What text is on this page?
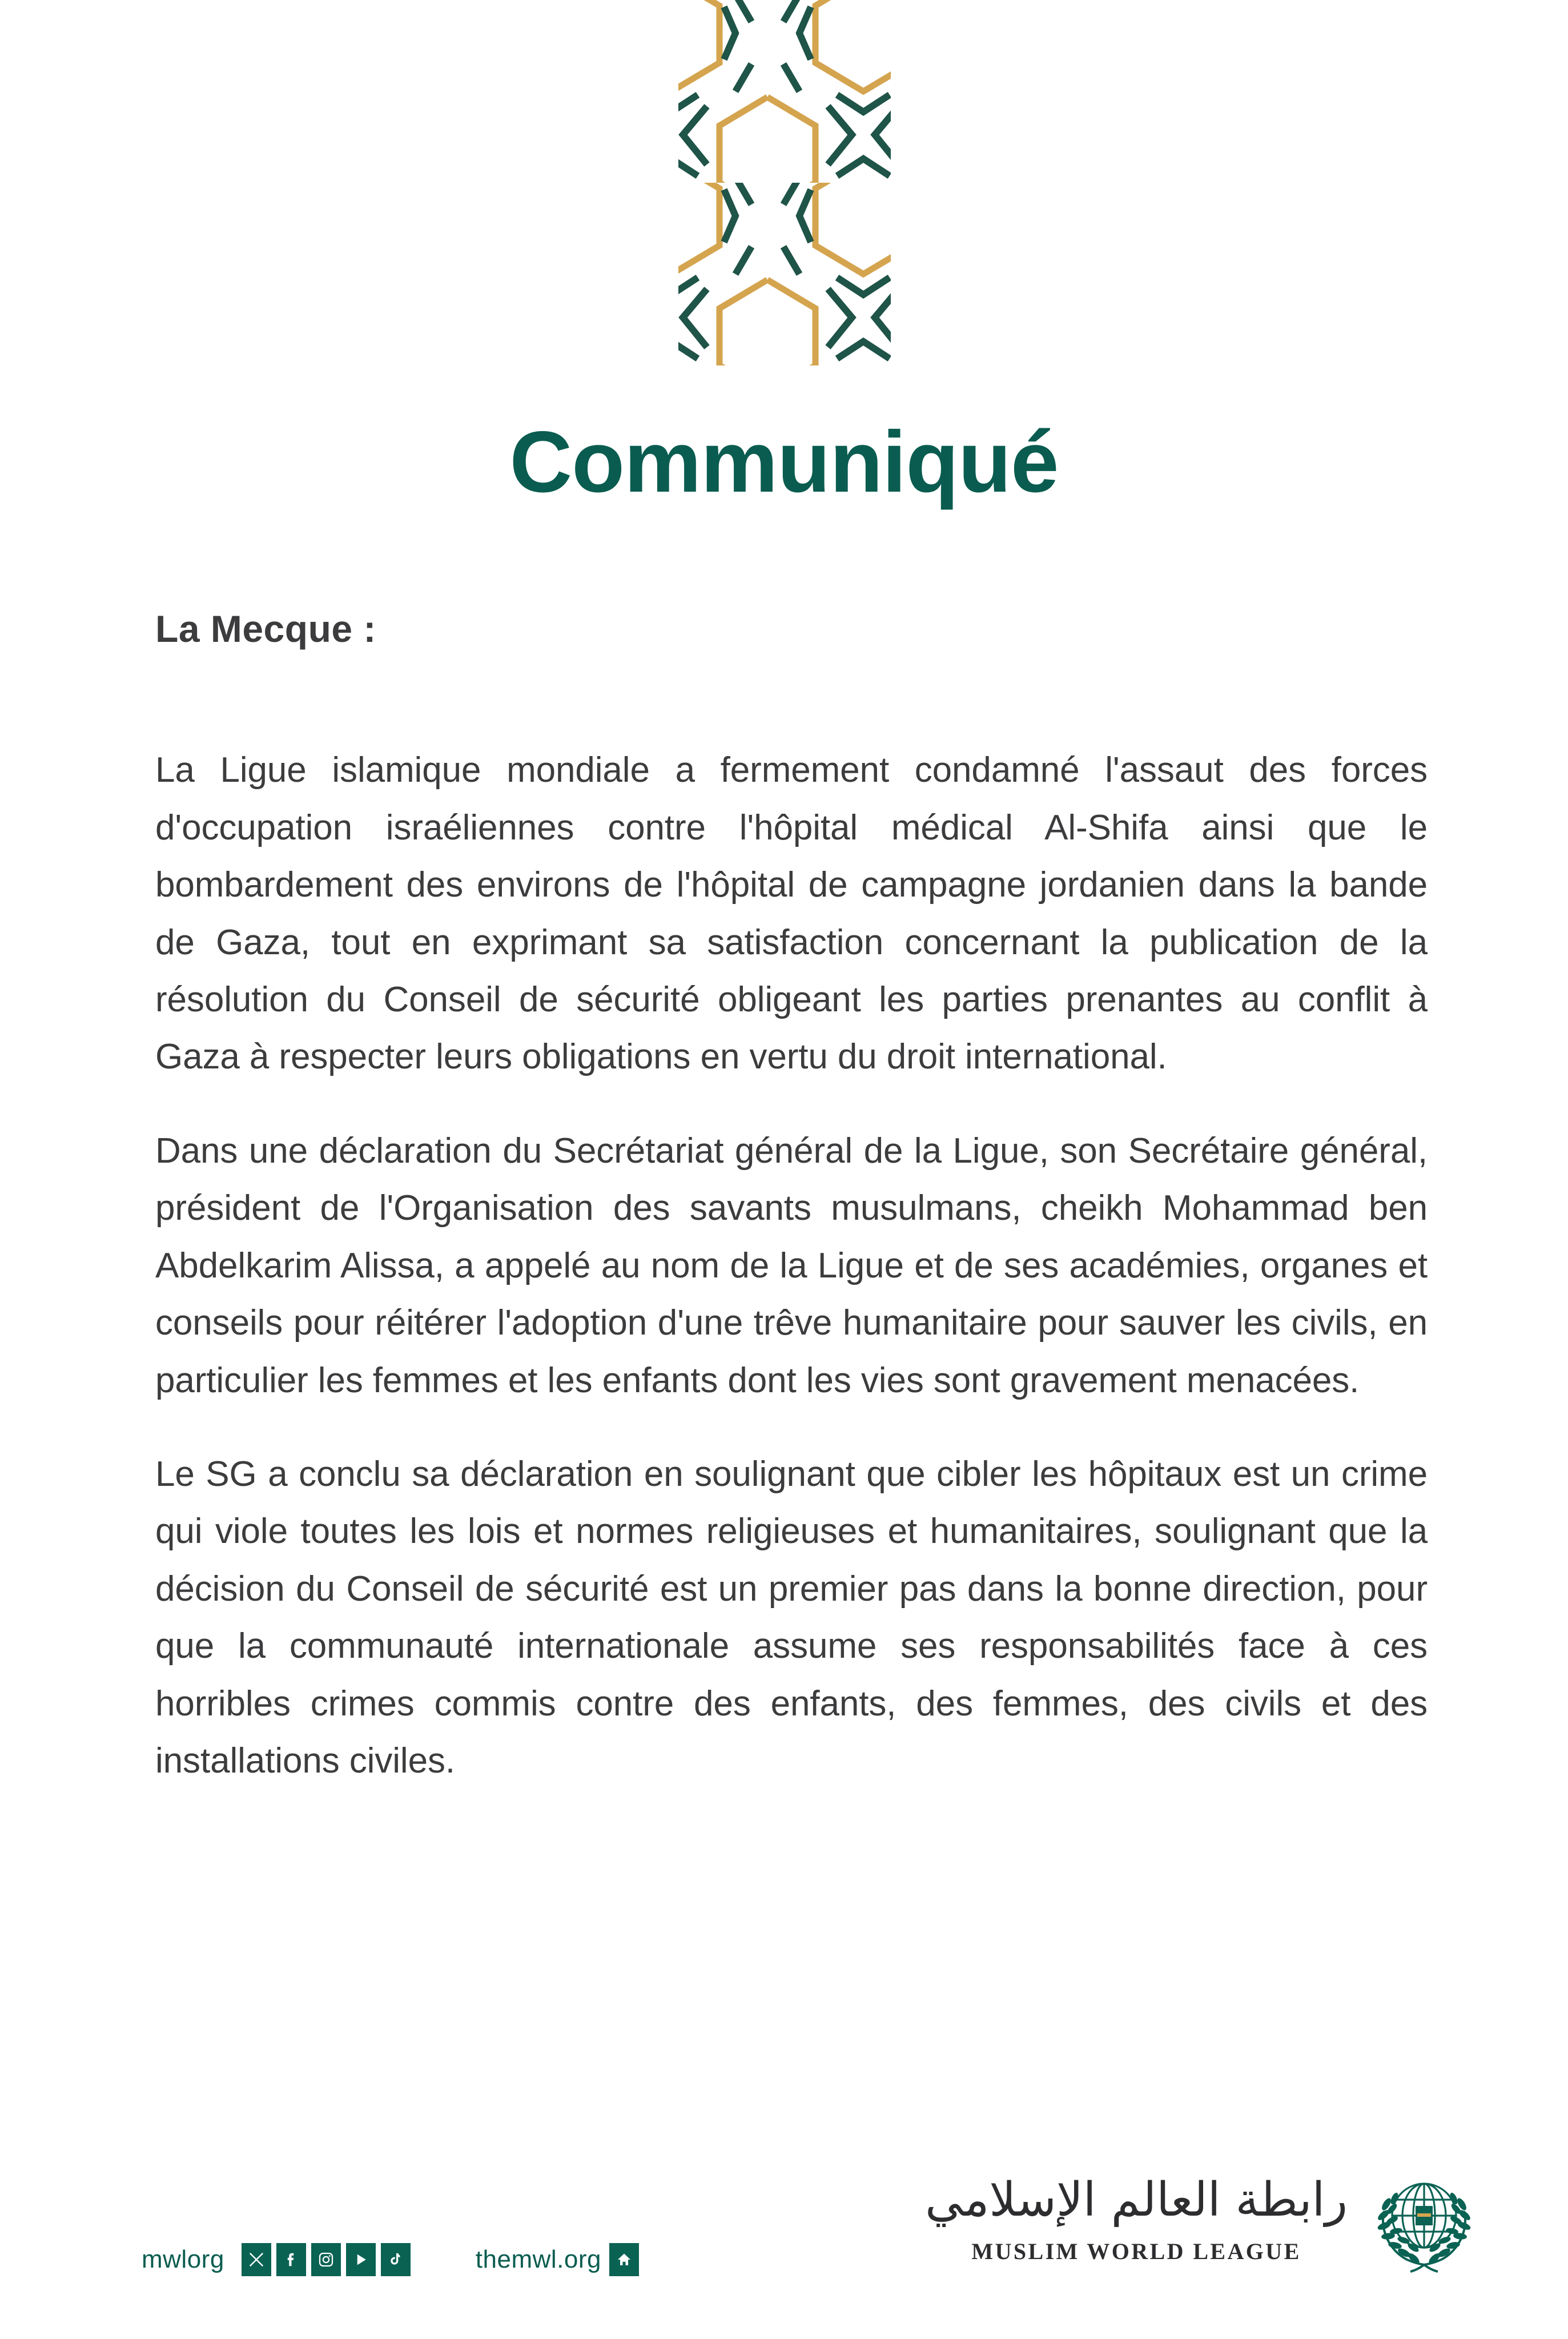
Communiqué
La Mecque :

La Ligue islamique mondiale a fermement condamné l'assaut des forces d'occupation israéliennes contre l'hôpital médical Al-Shifa ainsi que le bombardement des environs de l'hôpital de campagne jordanien dans la bande de Gaza, tout en exprimant sa satisfaction concernant la publication de la résolution du Conseil de sécurité obligeant les parties prenantes au conflit à Gaza à respecter leurs obligations en vertu du droit international.

Dans une déclaration du Secrétariat général de la Ligue, son Secrétaire général, président de l'Organisation des savants musulmans, cheikh Mohammad ben Abdelkarim Alissa, a appelé au nom de la Ligue et de ses académies, organes et conseils pour réitérer l'adoption d'une trêve humanitaire pour sauver les civils, en particulier les femmes et les enfants dont les vies sont gravement menacées.

Le SG a conclu sa déclaration en soulignant que cibler les hôpitaux est un crime qui viole toutes les lois et normes religieuses et humanitaires, soulignant que la décision du Conseil de sécurité est un premier pas dans la bonne direction, pour que la communauté internationale assume ses responsabilités face à ces horribles crimes commis contre des enfants, des femmes, des civils et des installations civiles.

mwlorg	themwl.org
رابطة العالم الإسلامي
MUSLIM WORLD LEAGUE
